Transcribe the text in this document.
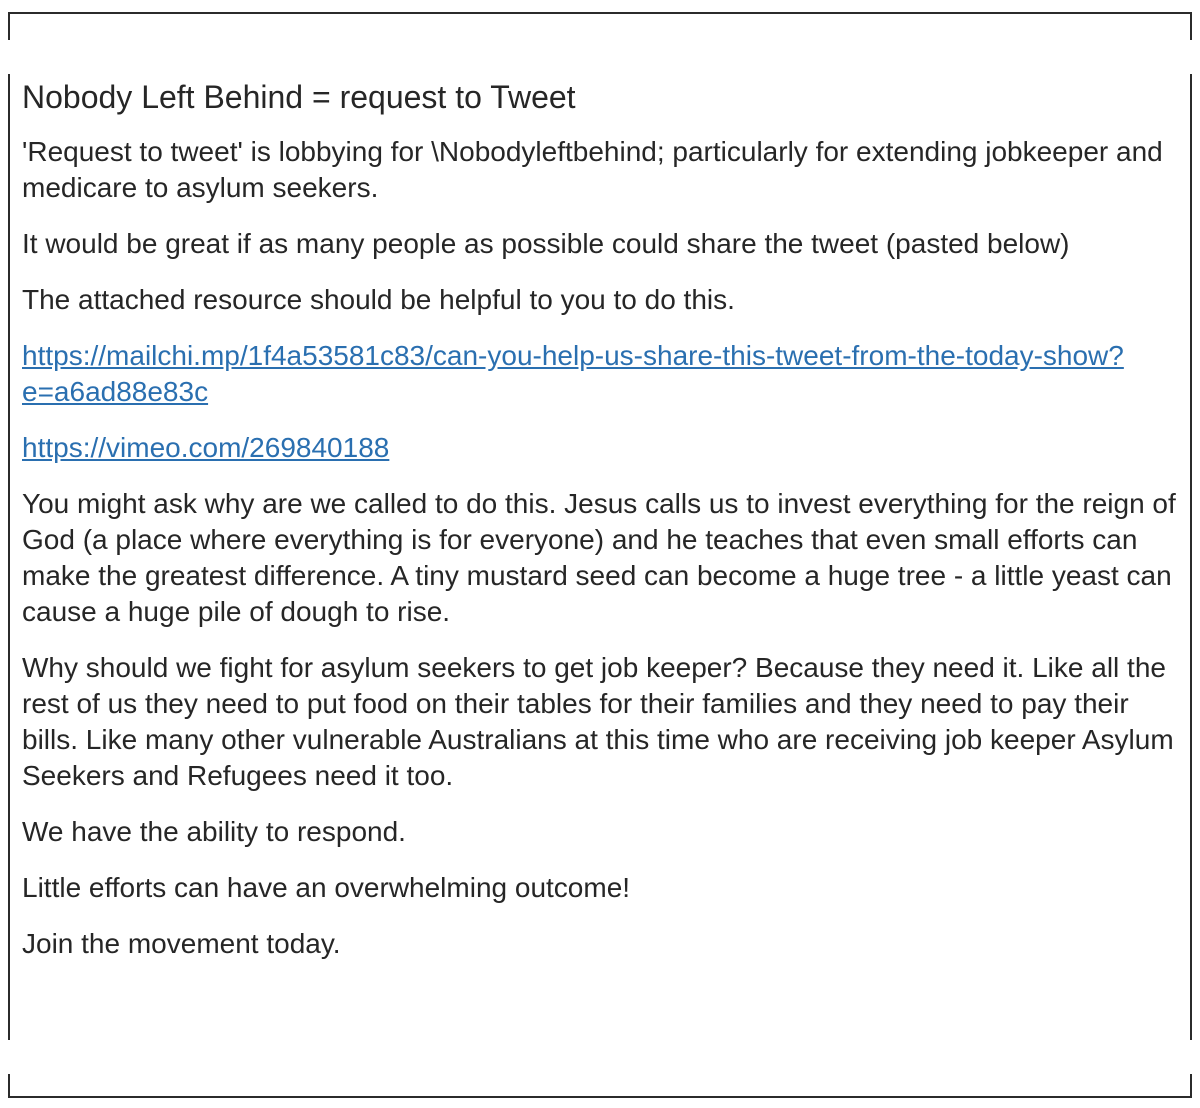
Nobody Left Behind = request to Tweet

'Request to tweet' is lobbying for \Nobodyleftbehind; particularly for extending jobkeeper and medicare to asylum seekers.

It would be great if as many people as possible could share the tweet (pasted below)

The attached resource should be helpful to you to do this.

https://mailchi.mp/1f4a53581c83/can-you-help-us-share-this-tweet-from-the-today-show?e=a6ad88e83c

https://vimeo.com/269840188

You might ask why are we called to do this. Jesus calls us to invest everything for the reign of God (a place where everything is for everyone) and he teaches that even small efforts can make the greatest difference. A tiny mustard seed can become a huge tree - a little yeast can cause a huge pile of dough to rise.

Why should we fight for asylum seekers to get job keeper? Because they need it. Like all the rest of us they need to put food on their tables for their families and they need to pay their bills. Like many other vulnerable Australians at this time who are receiving job keeper Asylum Seekers and Refugees need it too.

We have the ability to respond.

Little efforts can have an overwhelming outcome!

Join the movement today.
